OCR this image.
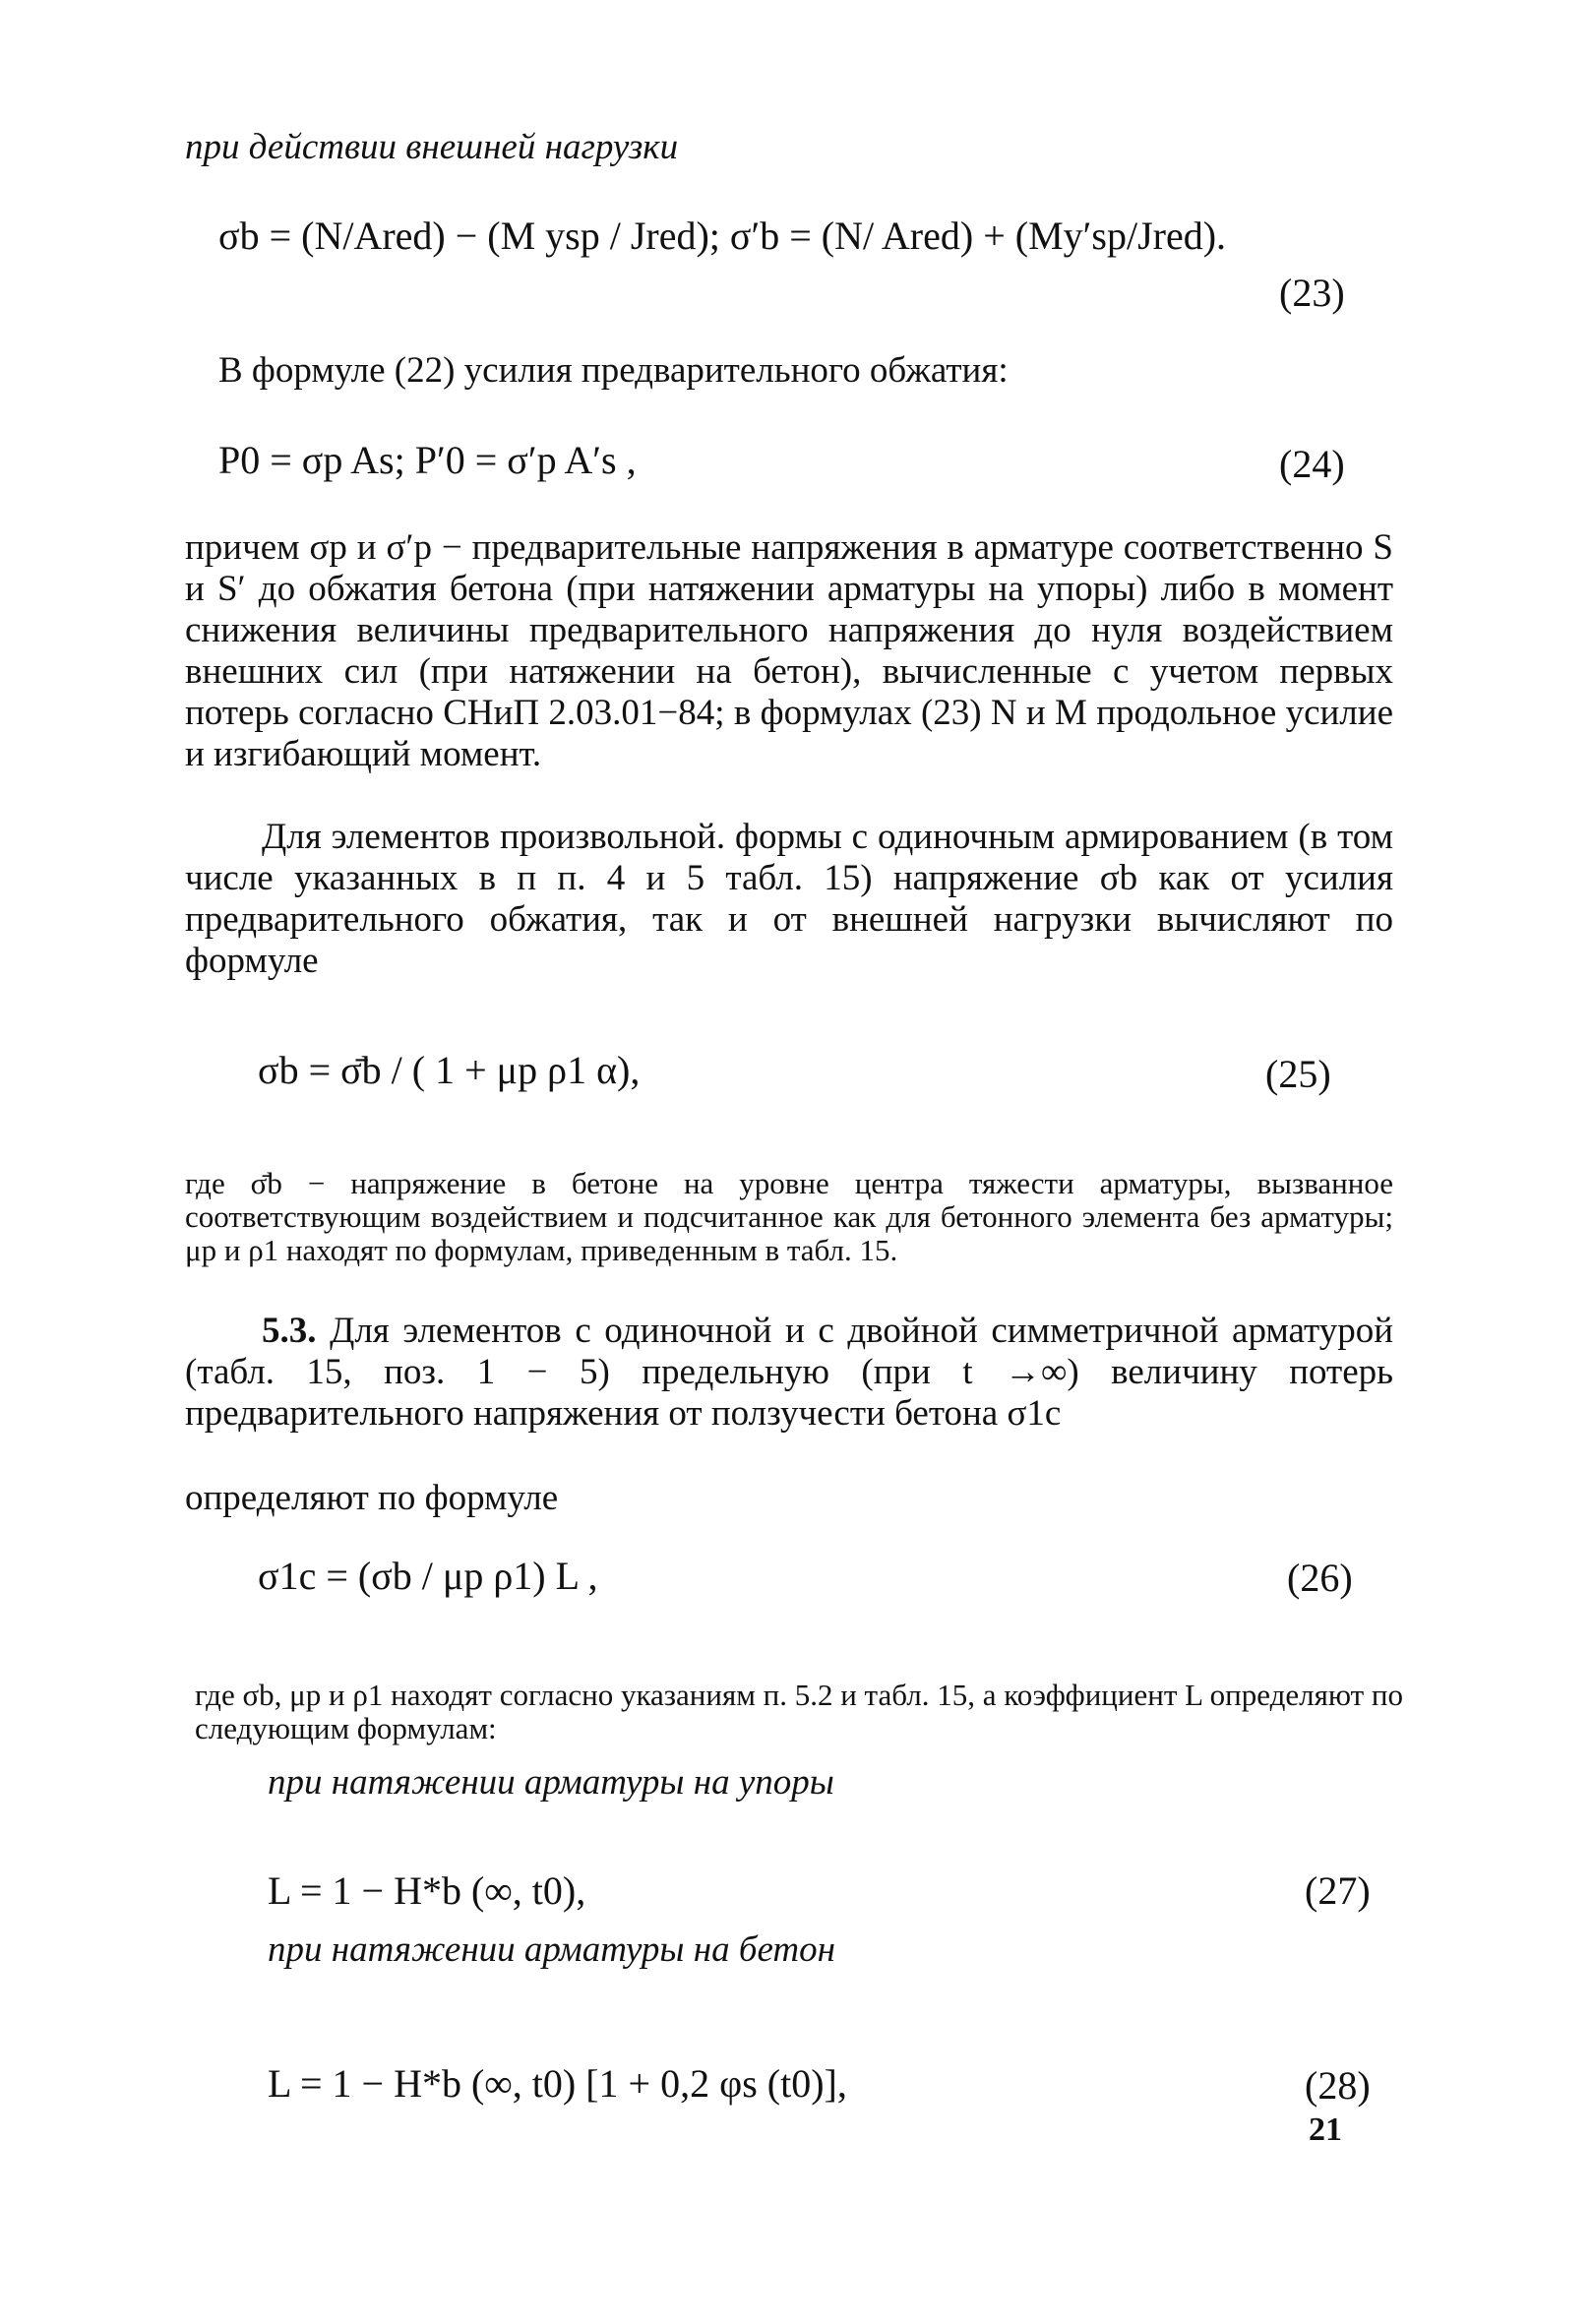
при действии внешней нагрузки

σb = (N/Ared) − (M ysp / Jred); σ′b = (N/ Ared) + (My′sp/Jred).
(23)

В формуле (22) усилия предварительного обжатия:

P0 = σp As; P′0 = σ′p A′s ,	(24)

причем σp и σ′p − предварительные напряжения в арматуре соответственно S и S′ до обжатия бетона (при натяжении арматуры на упоры) либо в момент снижения величины предварительного напряжения до нуля воздействием внешних сил (при натяжении на бетон), вычисленные с учетом первых потерь согласно СНиП 2.03.01−84; в формулах (23) N и M продольное усилие и изгибающий момент.

Для элементов произвольной. формы с одиночным армированием (в том числе указанных в п п. 4 и 5 табл. 15) напряжение σb как от усилия предварительного обжатия, так и от внешней нагрузки вычисляют по формуле

σb = σ̄b / ( 1 + μp ρ1 α),	(25)

где σ̄b − напряжение в бетоне на уровне центра тяжести арматуры, вызванное соответствующим воздействием и подсчитанное как для бетонного элемента без арматуры; μp и ρ1 находят по формулам, приведенным в табл. 15.

5.3. Для элементов с одиночной и с двойной симметричной арматурой (табл. 15, поз. 1 − 5) предельную (при t →∞) величину потерь предварительного напряжения от ползучести бетона σ1c

определяют по формуле

σ1c = (σb / μp ρ1) L ,	(26)

где σb, μp и ρ1 находят согласно указаниям п. 5.2 и табл. 15, а коэффициент L определяют по следующим формулам:

при натяжении арматуры на упоры

L = 1 − H*b (∞, t0),	(27)

при натяжении арматуры на бетон

L = 1 − H*b (∞, t0) [1 + 0,2 φs (t0)],	(28)
21
